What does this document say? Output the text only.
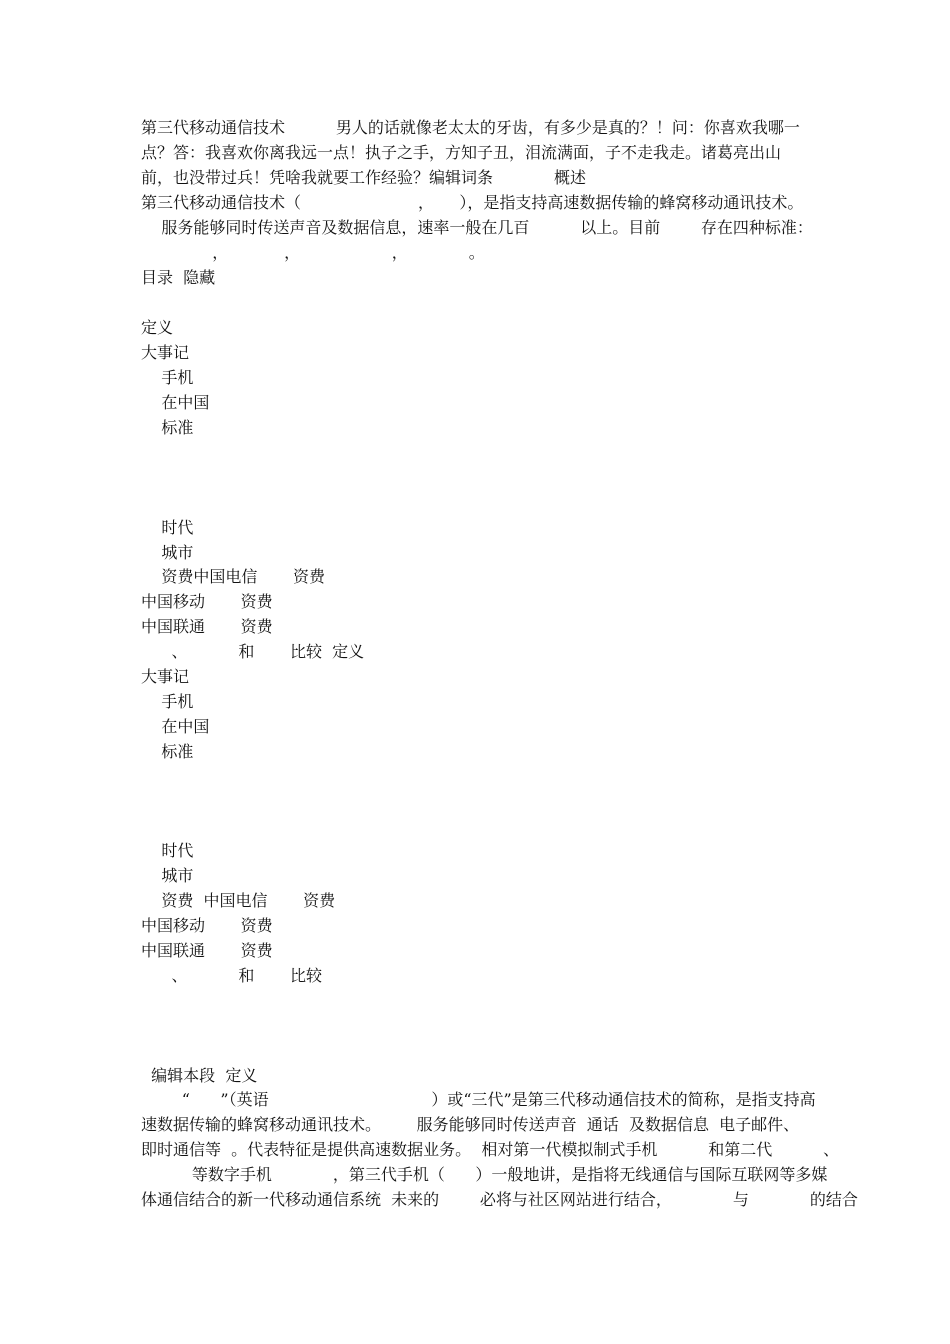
第三代移动通信技术          男人的话就像老太太的牙齿，有多少是真的？！问：你喜欢我哪一
点？答：我喜欢你离我远一点！执子之手，方知子丑，泪流满面，子不走我走。诸葛亮出山
前，也没带过兵！凭啥我就要工作经验？编辑词条            概述
第三代移动通信技术（                       ，     ），是指支持高速数据传输的蜂窝移动通讯技术。
服务能够同时传送声音及数据信息，速率一般在几百          以上。目前        存在四种标准：
，           ，                  ，            。
目录  隐藏
定义
大事记
手机
在中国
标准
时代
城市
资费中国电信       资费
中国移动       资费
中国联通       资费
、          和       比较  定义
大事记
手机
在中国
标准
时代
城市
资费  中国电信       资费
中国移动       资费
中国联通       资费
、          和       比较
编辑本段  定义
“      ”（英语                                ）或“三代”是第三代移动通信技术的简称，是指支持高
速数据传输的蜂窝移动通讯技术。       服务能够同时传送声音  通话  及数据信息  电子邮件、
即时通信等  。代表特征是提供高速数据业务。  相对第一代模拟制式手机          和第二代          、
等数字手机            ，第三代手机（      ）一般地讲，是指将无线通信与国际互联网等多媒
体通信结合的新一代移动通信系统  未来的        必将与社区网站进行结合，            与            的结合
